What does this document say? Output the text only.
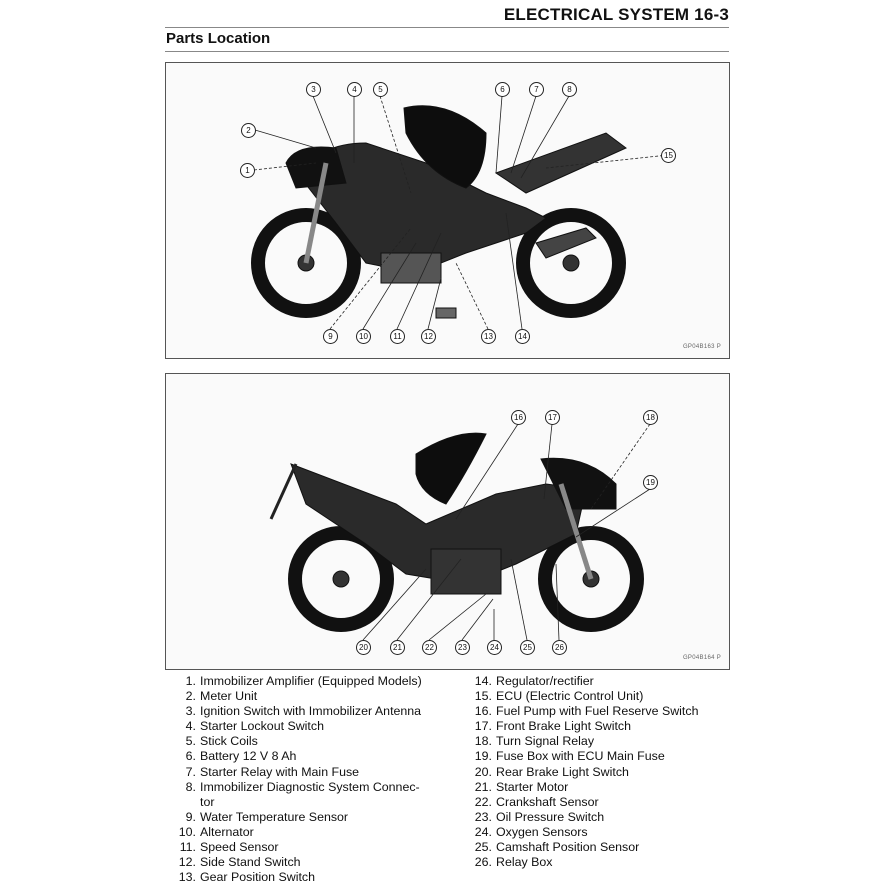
ELECTRICAL SYSTEM 16-3
Parts Location
GP04B163 P
1
2
3	4	5	6	7	8
9	10	11	12	13	14
15
GP04B164 P
16	17	18
19
20	21	22	23	24	25	26
1. Immobilizer Amplifier (Equipped Models)
2. Meter Unit
3. Ignition Switch with Immobilizer Antenna
4. Starter Lockout Switch
5. Stick Coils
6. Battery 12 V 8 Ah
7. Starter Relay with Main Fuse
8. Immobilizer Diagnostic System Connec-
tor
9. Water Temperature Sensor
10. Alternator
11. Speed Sensor
12. Side Stand Switch
13. Gear Position Switch
14. Regulator/rectifier
15. ECU (Electric Control Unit)
16. Fuel Pump with Fuel Reserve Switch
17. Front Brake Light Switch
18. Turn Signal Relay
19. Fuse Box with ECU Main Fuse
20. Rear Brake Light Switch
21. Starter Motor
22. Crankshaft Sensor
23. Oil Pressure Switch
24. Oxygen Sensors
25. Camshaft Position Sensor
26. Relay Box
